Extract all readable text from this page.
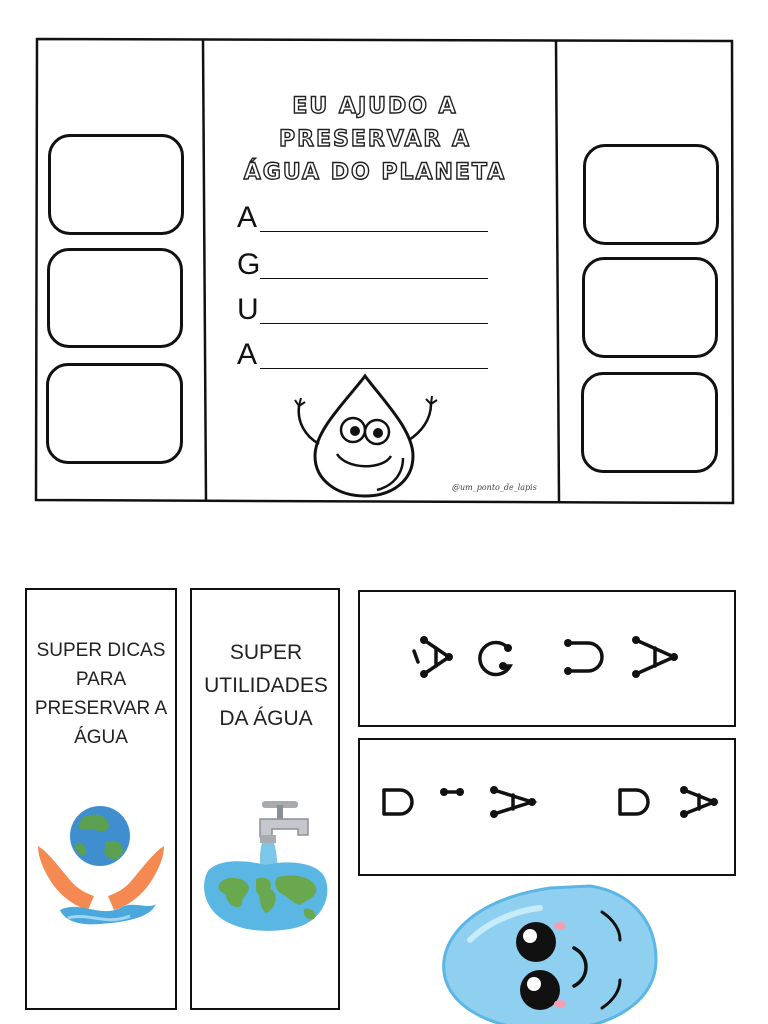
EU AJUDO A
PRESERVAR A
ÁGUA DO PLANETA
A
G
U
A
@um_ponto_de_lapis
SUPER DICAS PARA PRESERVAR A ÁGUA
SUPER UTILIDADES DA ÁGUA
